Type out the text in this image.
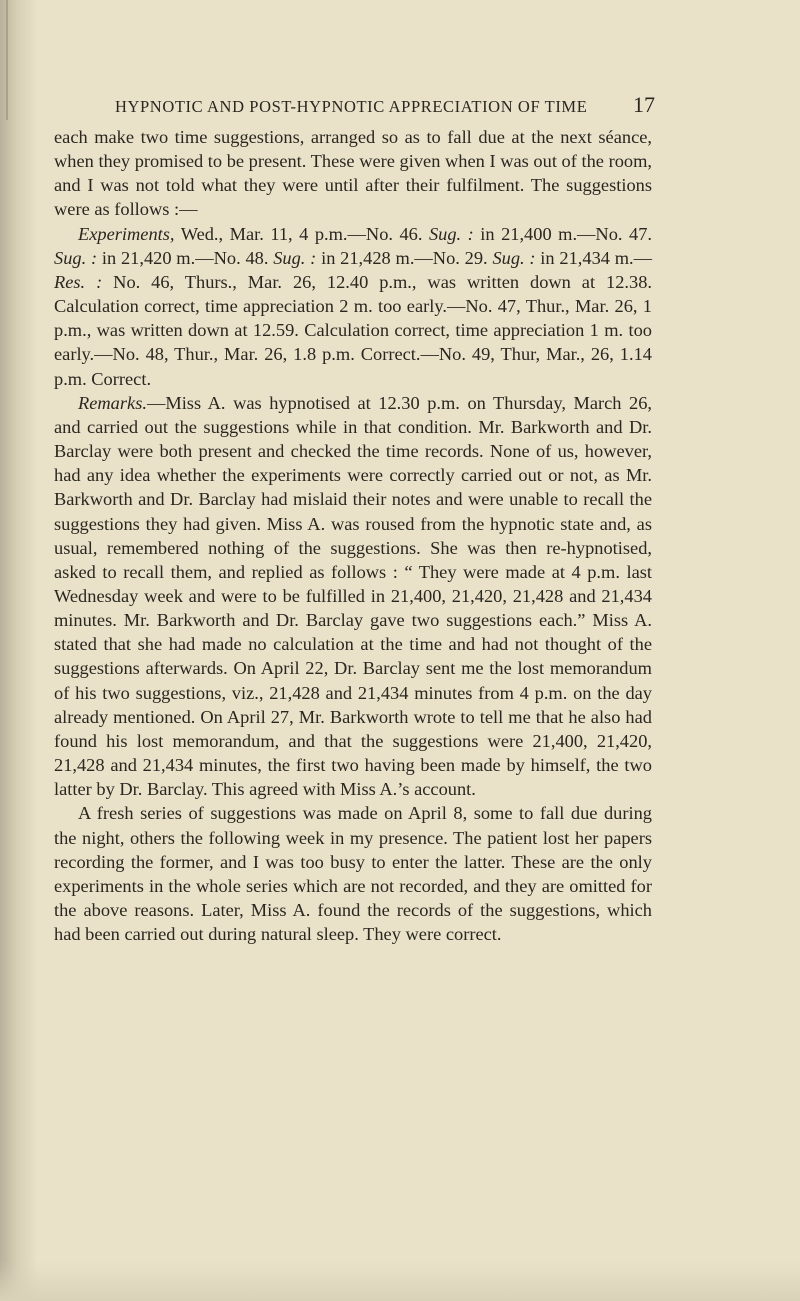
HYPNOTIC AND POST-HYPNOTIC APPRECIATION OF TIME 17

each make two time suggestions, arranged so as to fall due at the next séance, when they promised to be present. These were given when I was out of the room, and I was not told what they were until after their fulfilment. The suggestions were as follows :—

Experiments, Wed., Mar. 11, 4 p.m.—No. 46. Sug. : in 21,400 m.—No. 47. Sug. : in 21,420 m.—No. 48. Sug. : in 21,428 m.—No. 29. Sug. : in 21,434 m.—Res. : No. 46, Thurs., Mar. 26, 12.40 p.m., was written down at 12.38. Calculation correct, time appreciation 2 m. too early.—No. 47, Thur., Mar. 26, 1 p.m., was written down at 12.59. Calculation correct, time appreciation 1 m. too early.—No. 48, Thur., Mar. 26, 1.8 p.m. Correct.—No. 49, Thur, Mar., 26, 1.14 p.m. Correct.

Remarks.—Miss A. was hypnotised at 12.30 p.m. on Thursday, March 26, and carried out the suggestions while in that condition. Mr. Barkworth and Dr. Barclay were both present and checked the time records. None of us, however, had any idea whether the experiments were correctly carried out or not, as Mr. Barkworth and Dr. Barclay had mislaid their notes and were unable to recall the suggestions they had given. Miss A. was roused from the hypnotic state and, as usual, remembered nothing of the suggestions. She was then re-hypnotised, asked to recall them, and replied as follows : “ They were made at 4 p.m. last Wednesday week and were to be fulfilled in 21,400, 21,420, 21,428 and 21,434 minutes. Mr. Barkworth and Dr. Barclay gave two suggestions each.” Miss A. stated that she had made no calculation at the time and had not thought of the suggestions afterwards. On April 22, Dr. Barclay sent me the lost memorandum of his two suggestions, viz., 21,428 and 21,434 minutes from 4 p.m. on the day already mentioned. On April 27, Mr. Barkworth wrote to tell me that he also had found his lost memorandum, and that the suggestions were 21,400, 21,420, 21,428 and 21,434 minutes, the first two having been made by himself, the two latter by Dr. Barclay. This agreed with Miss A.’s account.

A fresh series of suggestions was made on April 8, some to fall due during the night, others the following week in my presence. The patient lost her papers recording the former, and I was too busy to enter the latter. These are the only experiments in the whole series which are not recorded, and they are omitted for the above reasons. Later, Miss A. found the records of the suggestions, which had been carried out during natural sleep. They were correct.
